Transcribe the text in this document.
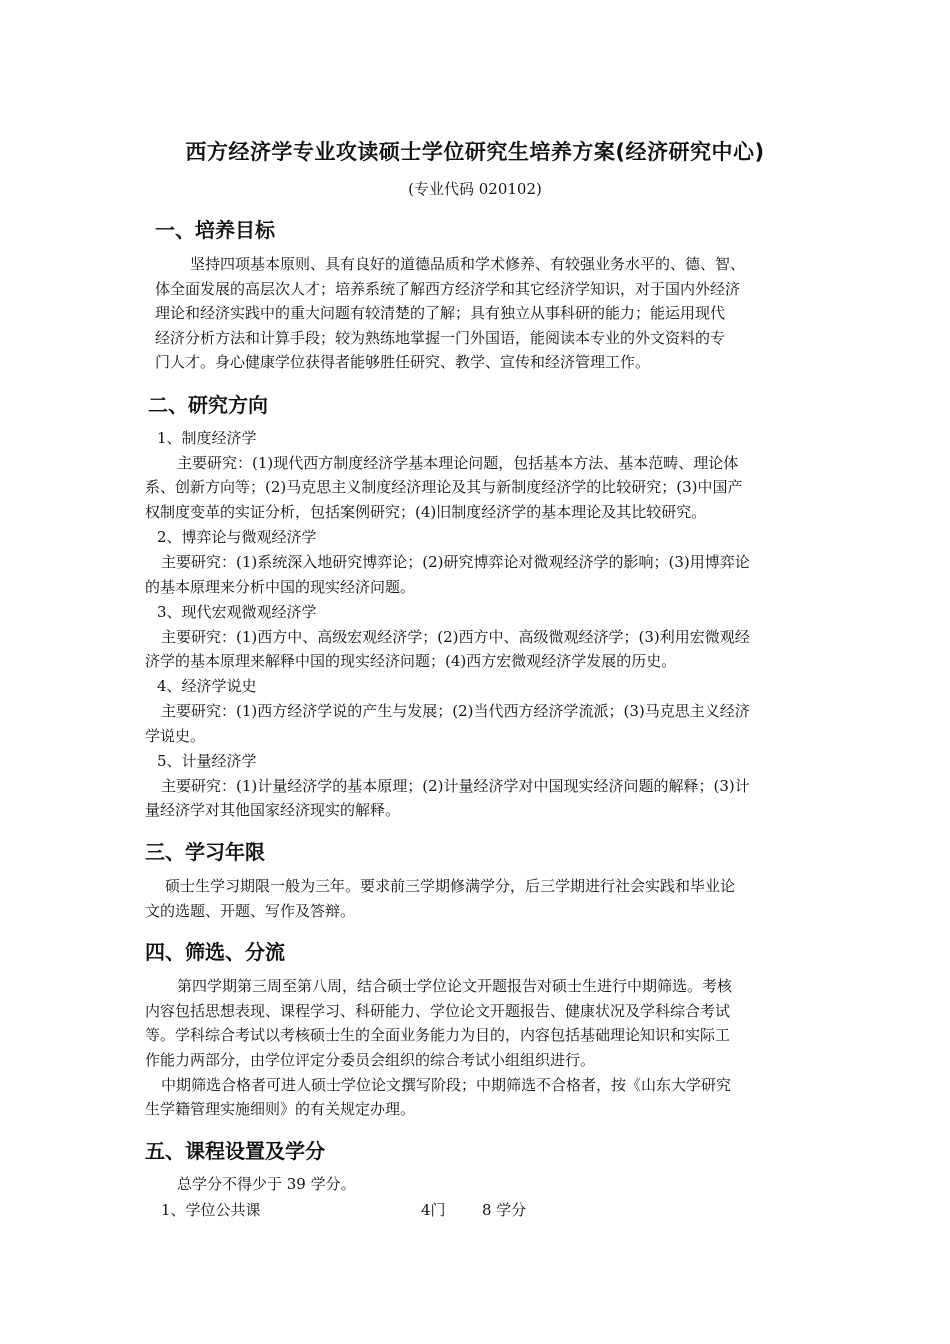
西方经济学专业攻读硕士学位研究生培养方案(经济研究中心)
(专业代码 020102)
一、培养目标
坚持四项基本原则、具有良好的道德品质和学术修养、有较强业务水平的、德、智、
体全面发展的高层次人才；培养系统了解西方经济学和其它经济学知识，对于国内外经济
理论和经济实践中的重大问题有较清楚的了解；具有独立从事科研的能力；能运用现代
经济分析方法和计算手段；较为熟练地掌握一门外国语，能阅读本专业的外文资料的专
门人才。身心健康学位获得者能够胜任研究、教学、宣传和经济管理工作。
二、研究方向
1、制度经济学
主要研究：(1)现代西方制度经济学基本理论问题，包括基本方法、基本范畴、理论体
系、创新方向等；(2)马克思主义制度经济理论及其与新制度经济学的比较研究；(3)中国产
权制度变革的实证分析，包括案例研究；(4)旧制度经济学的基本理论及其比较研究。
2、博弈论与微观经济学
主要研究：(1)系统深入地研究博弈论；(2)研究博弈论对微观经济学的影响；(3)用博弈论
的基本原理来分析中国的现实经济问题。
3、现代宏观微观经济学
主要研究：(1)西方中、高级宏观经济学；(2)西方中、高级微观经济学；(3)利用宏微观经
济学的基本原理来解释中国的现实经济问题；(4)西方宏微观经济学发展的历史。
4、经济学说史
主要研究：(1)西方经济学说的产生与发展；(2)当代西方经济学流派；(3)马克思主义经济
学说史。
5、计量经济学
主要研究：(1)计量经济学的基本原理；(2)计量经济学对中国现实经济问题的解释；(3)计
量经济学对其他国家经济现实的解释。
三、学习年限
硕士生学习期限一般为三年。要求前三学期修满学分，后三学期进行社会实践和毕业论
文的选题、开题、写作及答辩。
四、筛选、分流
第四学期第三周至第八周，结合硕士学位论文开题报告对硕士生进行中期筛选。考核
内容包括思想表现、课程学习、科研能力、学位论文开题报告、健康状况及学科综合考试
等。学科综合考试以考核硕士生的全面业务能力为目的，内容包括基础理论知识和实际工
作能力两部分，由学位评定分委员会组织的综合考试小组组织进行。
中期筛选合格者可进人硕士学位论文撰写阶段；中期筛选不合格者，按《山东大学研究
生学籍管理实施细则》的有关规定办理。
五、课程设置及学分
总学分不得少于 39 学分。
1、学位公共课	4门 8 学分
